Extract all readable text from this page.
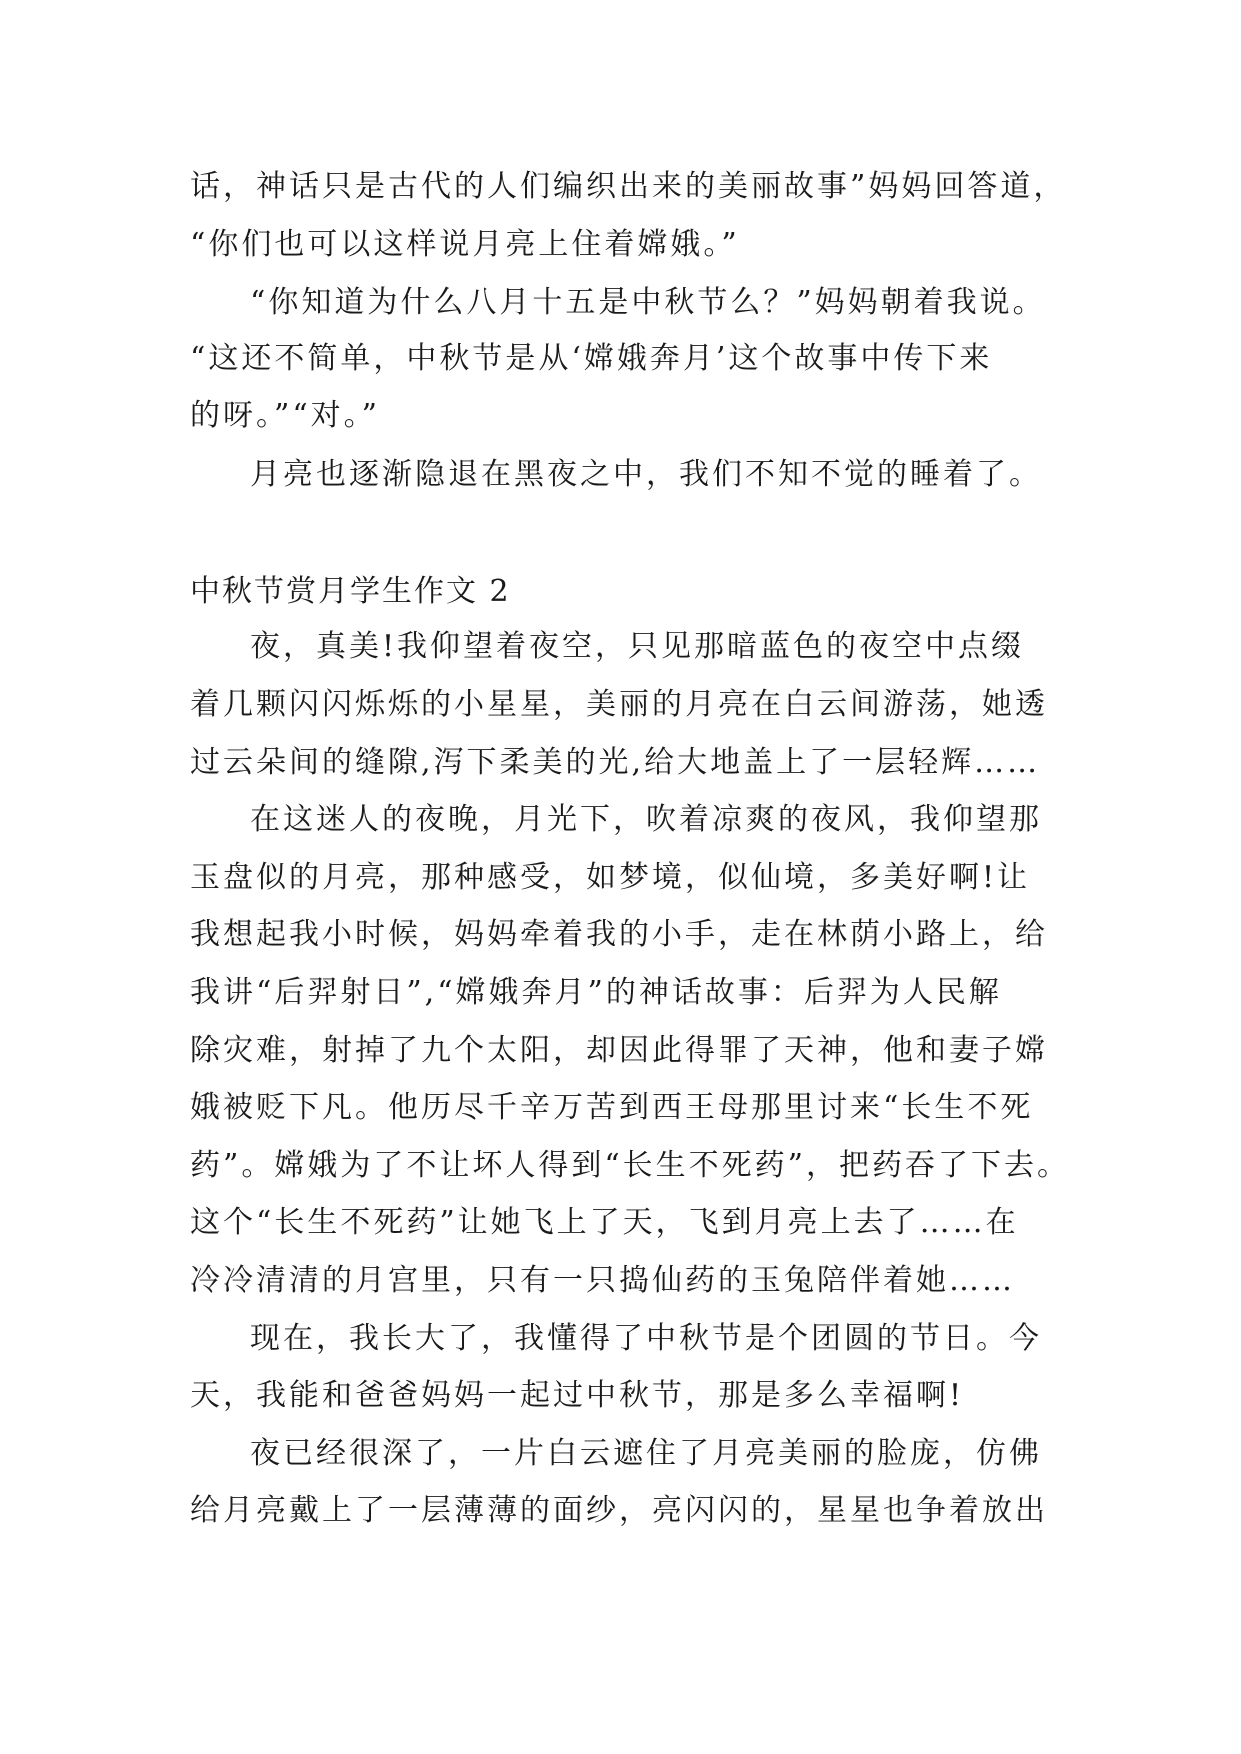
话，神话只是古代的人们编织出来的美丽故事”妈妈回答道，
“你们也可以这样说月亮上住着嫦娥。”
“你知道为什么八月十五是中秋节么？”妈妈朝着我说。
“这还不简单，中秋节是从‘嫦娥奔月’这个故事中传下来
的呀。”“对。”
月亮也逐渐隐退在黑夜之中，我们不知不觉的睡着了。
中秋节赏月学生作文 2
夜，真美!我仰望着夜空，只见那暗蓝色的夜空中点缀
着几颗闪闪烁烁的小星星，美丽的月亮在白云间游荡，她透
过云朵间的缝隙,泻下柔美的光,给大地盖上了一层轻辉……
在这迷人的夜晚，月光下，吹着凉爽的夜风，我仰望那
玉盘似的月亮，那种感受，如梦境，似仙境，多美好啊!让
我想起我小时候，妈妈牵着我的小手，走在林荫小路上，给
我讲“后羿射日”,“嫦娥奔月”的神话故事：后羿为人民解
除灾难，射掉了九个太阳，却因此得罪了天神，他和妻子嫦
娥被贬下凡。他历尽千辛万苦到西王母那里讨来“长生不死
药”。嫦娥为了不让坏人得到“长生不死药”，把药吞了下去。
这个“长生不死药”让她飞上了天，飞到月亮上去了……在
冷冷清清的月宫里，只有一只捣仙药的玉兔陪伴着她……
现在，我长大了，我懂得了中秋节是个团圆的节日。今
天，我能和爸爸妈妈一起过中秋节，那是多么幸福啊!
夜已经很深了，一片白云遮住了月亮美丽的脸庞，仿佛
给月亮戴上了一层薄薄的面纱，亮闪闪的，星星也争着放出
